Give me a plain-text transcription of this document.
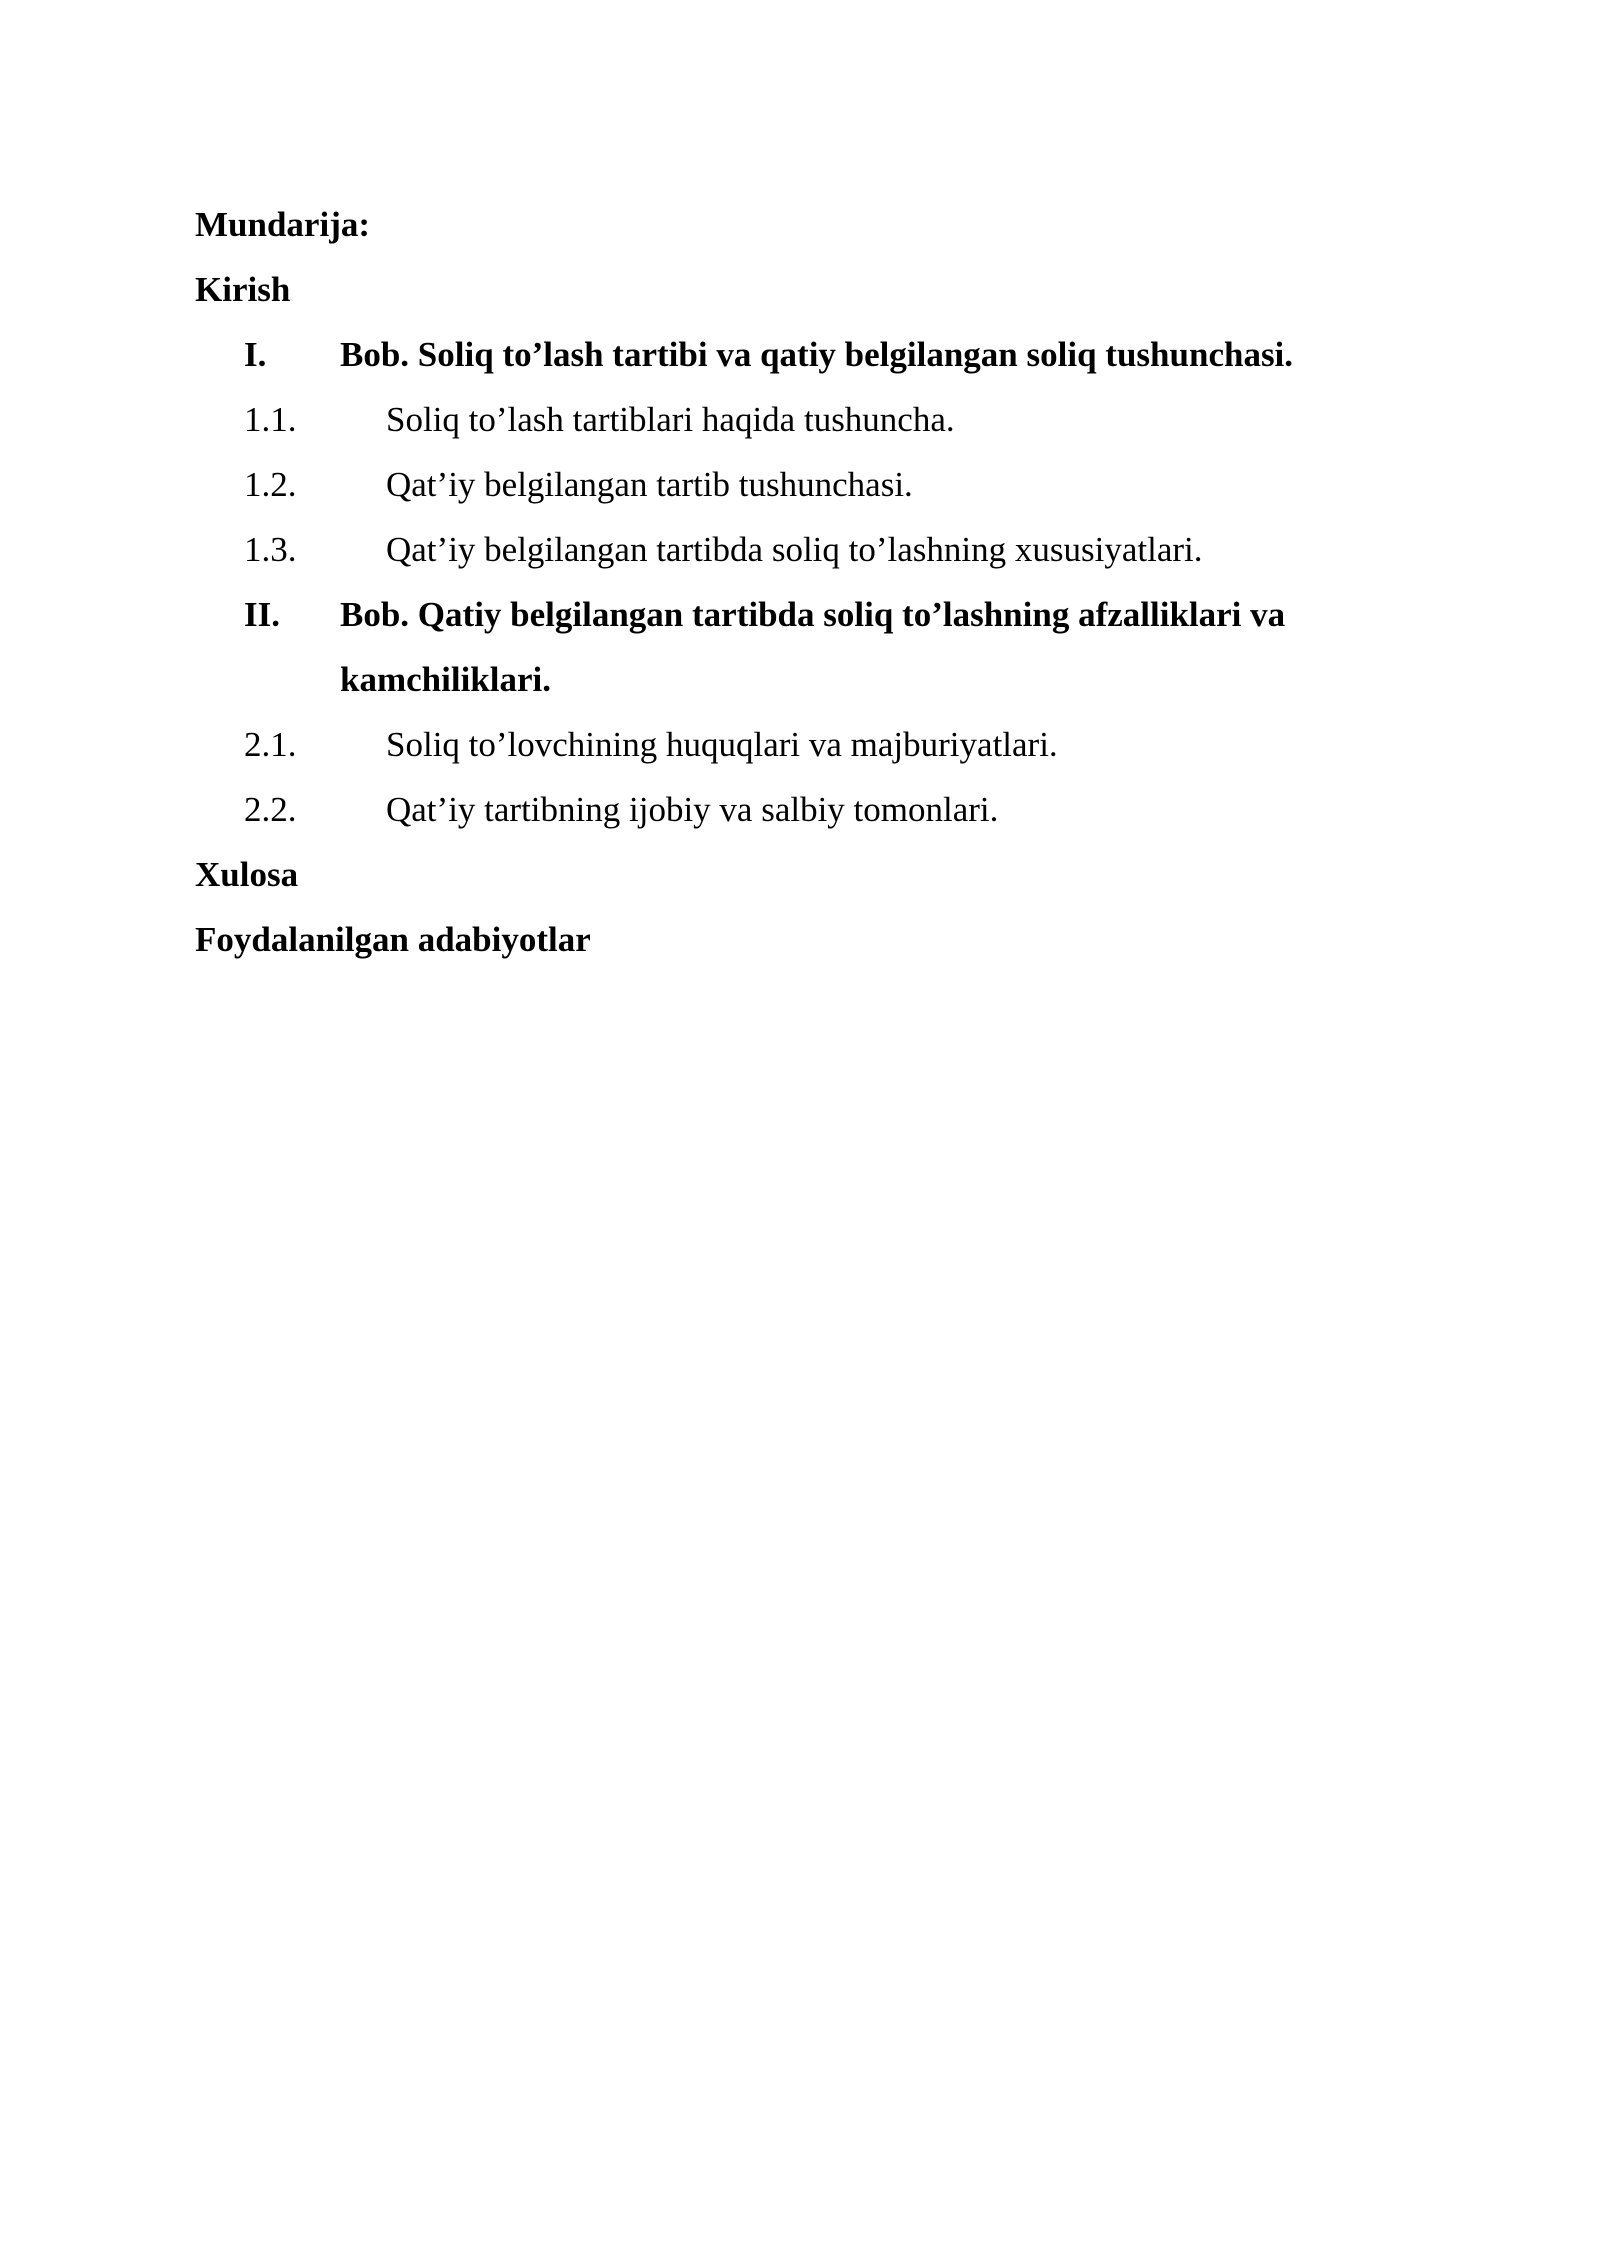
Mundarija:
Kirish
I. Bob. Soliq to’lash tartibi va qatiy belgilangan soliq tushunchasi.
1.1.	Soliq to’lash tartiblari haqida tushuncha.
1.2.	Qat’iy belgilangan tartib tushunchasi.
1.3.	Qat’iy belgilangan tartibda soliq to’lashning xususiyatlari.
II. Bob. Qatiy belgilangan tartibda soliq to’lashning afzalliklari va kamchiliklari.
2.1.	Soliq to’lovchining huquqlari va majburiyatlari.
2.2.	Qat’iy tartibning ijobiy va salbiy tomonlari.
Xulosa
Foydalanilgan adabiyotlar
